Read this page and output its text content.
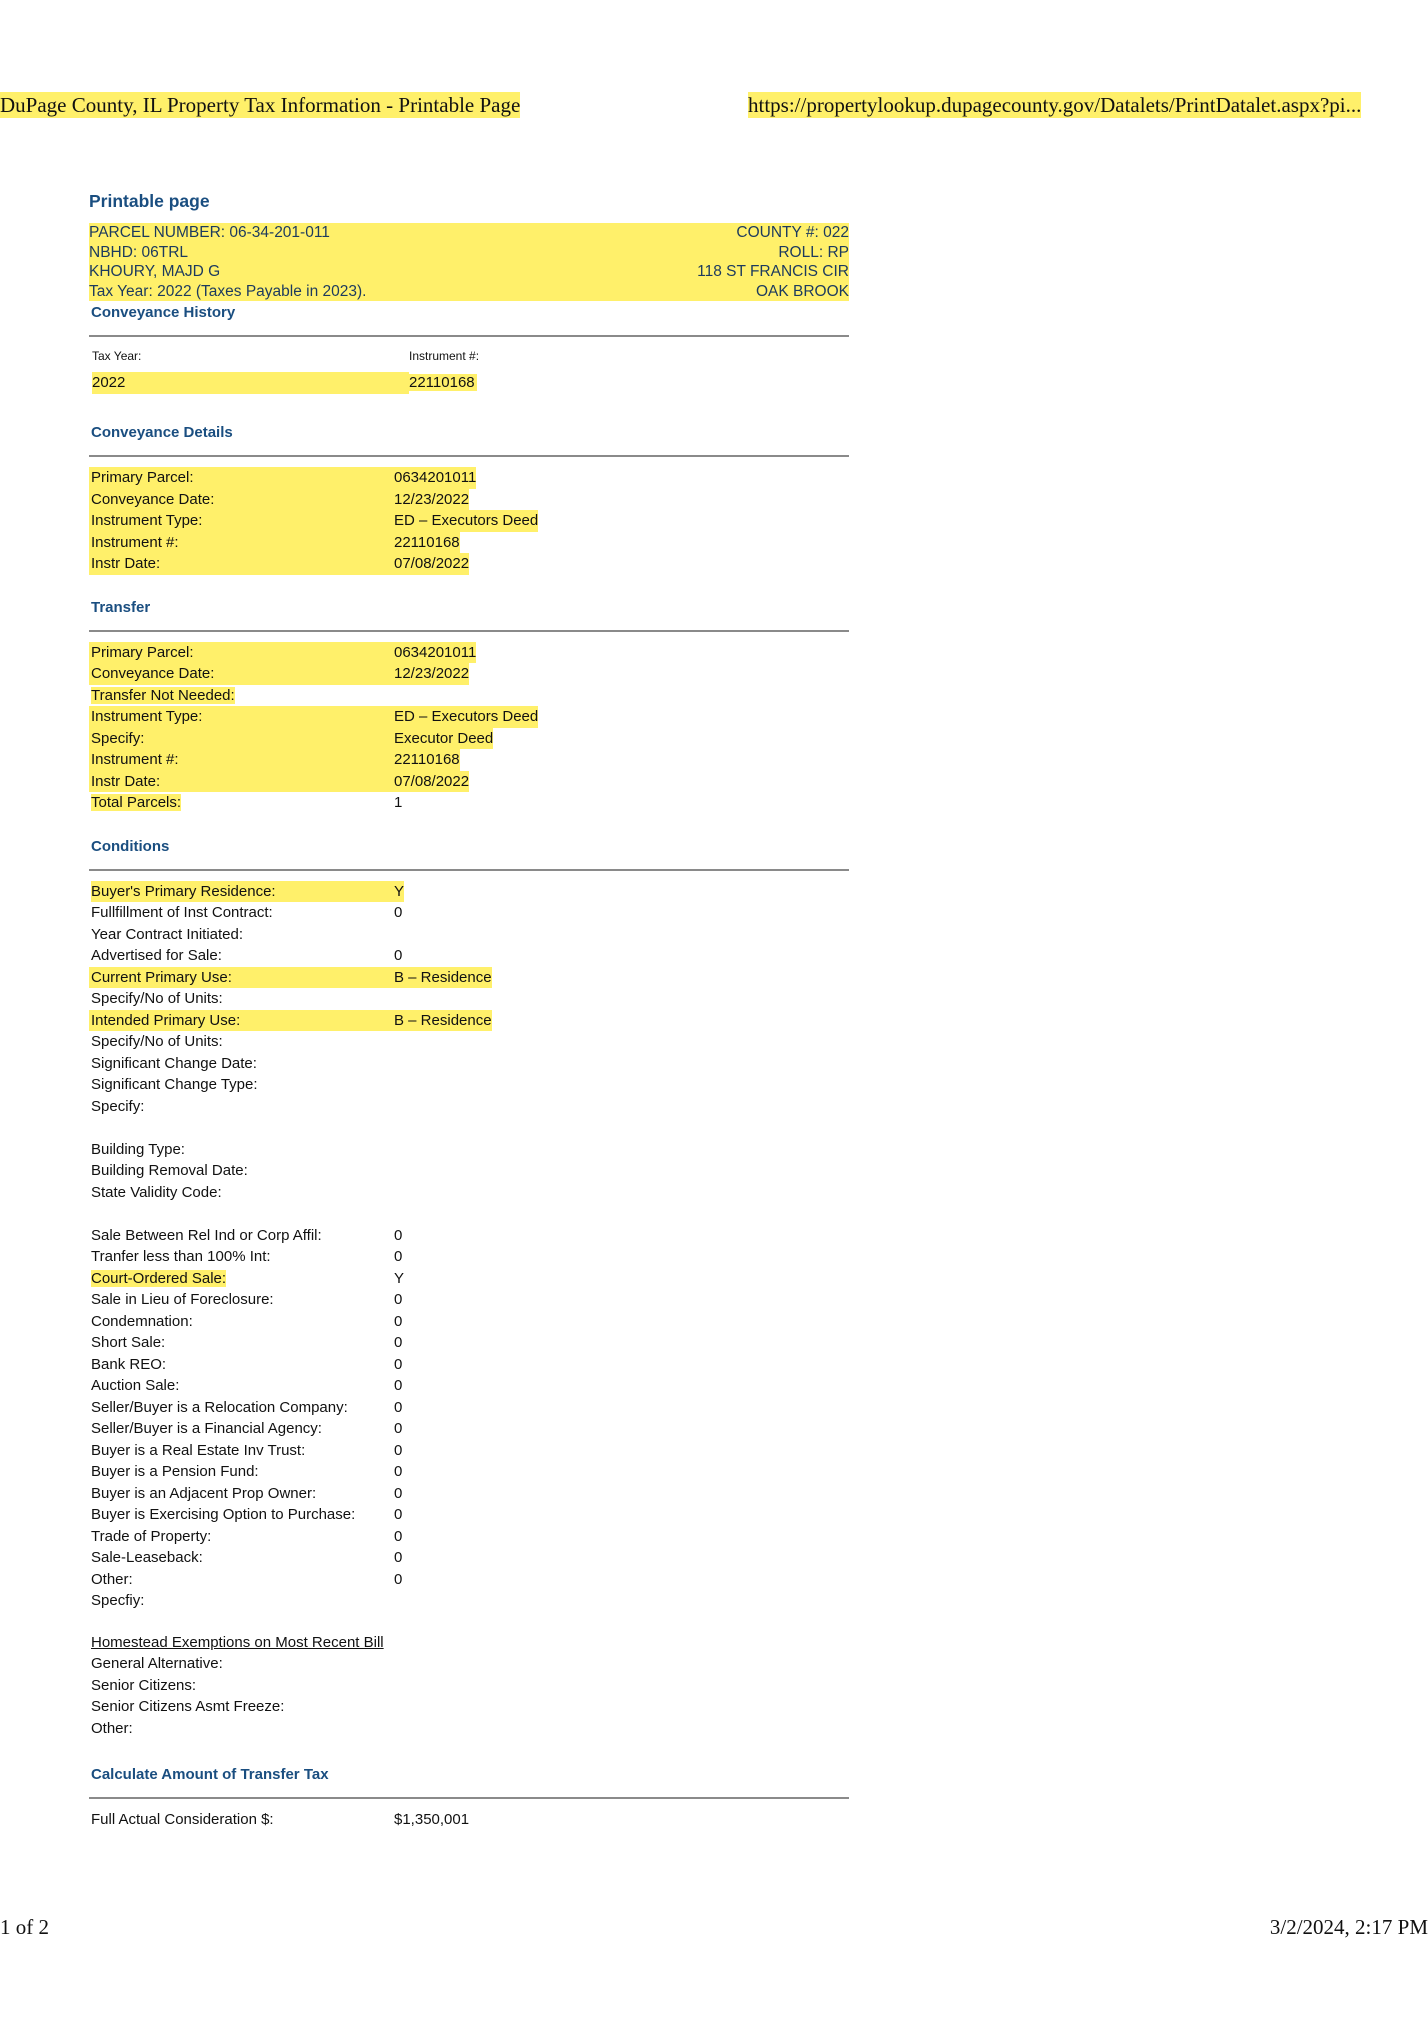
DuPage County, IL Property Tax Information - Printable Page	https://propertylookup.dupagecounty.gov/Datalets/PrintDatalet.aspx?pi...
Printable page
PARCEL NUMBER: 06-34-201-011	COUNTY #: 022
NBHD: 06TRL	ROLL: RP
KHOURY, MAJD G	118 ST FRANCIS CIR
Tax Year: 2022 (Taxes Payable in 2023).	OAK BROOK
Conveyance History
Tax Year:	Instrument #:
2022	22110168
Conveyance Details
Primary Parcel:	0634201011
Conveyance Date:	12/23/2022
Instrument Type:	ED – Executors Deed
Instrument #:	22110168
Instr Date:	07/08/2022
Transfer
Primary Parcel:	0634201011
Conveyance Date:	12/23/2022
Transfer Not Needed:
Instrument Type:	ED – Executors Deed
Specify:	Executor Deed
Instrument #:	22110168
Instr Date:	07/08/2022
Total Parcels:	1
Conditions
Buyer's Primary Residence:	Y
Fullfillment of Inst Contract:	0
Year Contract Initiated:
Advertised for Sale:	0
Current Primary Use:	B – Residence
Specify/No of Units:
Intended Primary Use:	B – Residence
Specify/No of Units:
Significant Change Date:
Significant Change Type:
Specify:
Building Type:
Building Removal Date:
State Validity Code:
Sale Between Rel Ind or Corp Affil:	0
Tranfer less than 100% Int:	0
Court-Ordered Sale:	Y
Sale in Lieu of Foreclosure:	0
Condemnation:	0
Short Sale:	0
Bank REO:	0
Auction Sale:	0
Seller/Buyer is a Relocation Company:	0
Seller/Buyer is a Financial Agency:	0
Buyer is a Real Estate Inv Trust:	0
Buyer is a Pension Fund:	0
Buyer is an Adjacent Prop Owner:	0
Buyer is Exercising Option to Purchase:	0
Trade of Property:	0
Sale-Leaseback:	0
Other:	0
Specfiy:
Homestead Exemptions on Most Recent Bill
General Alternative:
Senior Citizens:
Senior Citizens Asmt Freeze:
Other:
Calculate Amount of Transfer Tax
Full Actual Consideration $:	$1,350,001
1 of 2	3/2/2024, 2:17 PM
